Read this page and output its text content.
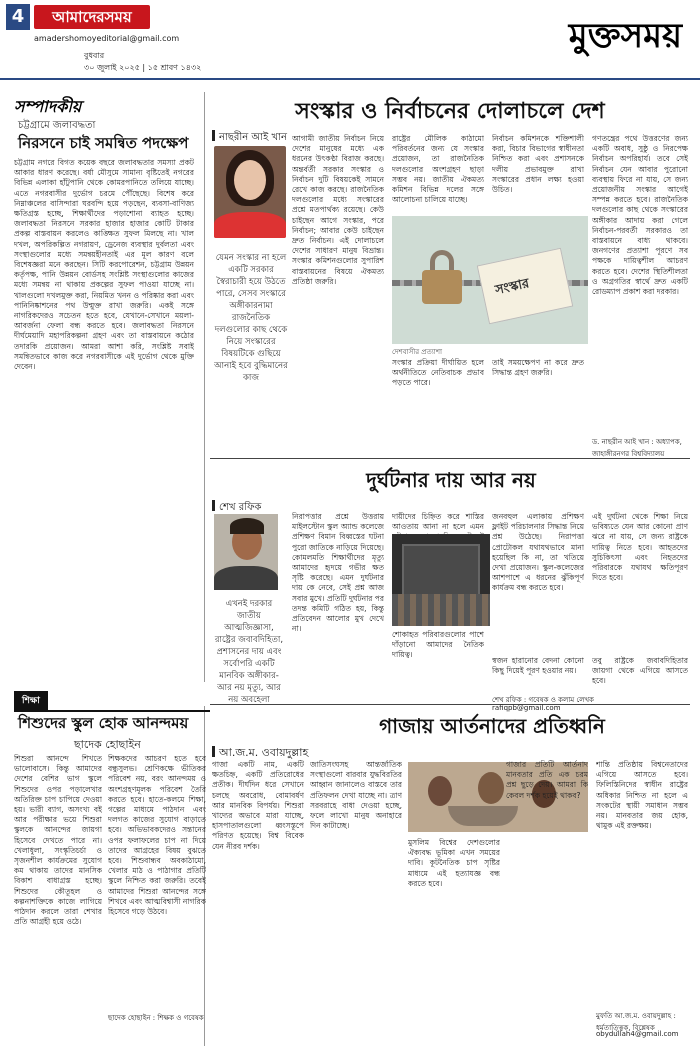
4	আমাদেরসময়
amadershomoyeditorial@gmail.com
বুধবার
৩০ জুলাই ২০২৫ | ১৫ শ্রাবণ ১৪৩২
মুক্তসময়
সম্পাদকীয়
চট্টগ্রামে জলাবদ্ধতা
নিরসনে চাই সমন্বিত পদক্ষেপ
চট্টগ্রাম নগরে বিগত কয়েক বছরে জলাবদ্ধতার সমস্যা প্রকট আকার ধারণ করেছে। বর্ষা মৌসুমে সামান্য বৃষ্টিতেই নগরের বিভিন্ন এলাকা হাঁটুপানি থেকে কোমরপানিতে তলিয়ে যাচ্ছে। এতে নগরবাসীর দুর্ভোগ চরমে পৌঁছেছে। বিশেষ করে নিম্নাঞ্চলের বাসিন্দারা ঘরবন্দি হয়ে পড়ছেন, ব্যবসা-বাণিজ্য ক্ষতিগ্রস্ত হচ্ছে, শিক্ষার্থীদের পড়াশোনা ব্যাহত হচ্ছে। জলাবদ্ধতা নিরসনে সরকার হাজার হাজার কোটি টাকার প্রকল্প বাস্তবায়ন করলেও কাঙ্ক্ষিত সুফল মিলছে না। খাল দখল, অপরিকল্পিত নগরায়ণ, ড্রেনেজ ব্যবস্থার দুর্বলতা এবং সংস্থাগুলোর মধ্যে সমন্বয়হীনতাই এর মূল কারণ বলে বিশেষজ্ঞরা মনে করছেন। সিটি করপোরেশন, চট্টগ্রাম উন্নয়ন কর্তৃপক্ষ, পানি উন্নয়ন বোর্ডসহ সংশ্লিষ্ট সংস্থাগুলোর কাজের মধ্যে সমন্বয় না থাকায় প্রকল্পের সুফল পাওয়া যাচ্ছে না। খালগুলো দখলমুক্ত করা, নিয়মিত খনন ও পরিষ্কার করা এবং পানিনিষ্কাশনের পথ উন্মুক্ত রাখা জরুরি। একই সঙ্গে নাগরিকদেরও সচেতন হতে হবে, যেখানে-সেখানে ময়লা-আবর্জনা ফেলা বন্ধ করতে হবে। জলাবদ্ধতা নিরসনে দীর্ঘমেয়াদি মহাপরিকল্পনা গ্রহণ এবং তা বাস্তবায়নে কঠোর তদারকি প্রয়োজন। আমরা আশা করি, সংশ্লিষ্ট সবাই সমন্বিতভাবে কাজ করে নগরবাসীকে এই দুর্ভোগ থেকে মুক্তি দেবেন।
সংস্কার ও নির্বাচনের দোলাচলে দেশ
নাছরীন আই খান
যেমন সংস্কার না হলে একটি সরকার স্বৈরাচারী হয়ে উঠতে পারে, সেসব সংস্কারে অঙ্গীকারনামা রাজনৈতিক দলগুলোর কাছ থেকে নিয়ে সংস্কারের বিষয়টিকে গুছিয়ে আনাই হবে বুদ্ধিমানের কাজ
আগামী জাতীয় নির্বাচন নিয়ে দেশের মানুষের মধ্যে এক ধরনের উৎকণ্ঠা বিরাজ করছে। অন্তর্বর্তী সরকার সংস্কার ও নির্বাচন দুটি বিষয়কেই সামনে রেখে কাজ করছে। রাজনৈতিক দলগুলোর মধ্যে সংস্কারের প্রশ্নে মতপার্থক্য রয়েছে। কেউ চাইছেন আগে সংস্কার, পরে নির্বাচন; আবার কেউ চাইছেন দ্রুত নির্বাচন। এই দোলাচলে দেশের সাধারণ মানুষ বিভ্রান্ত। সংস্কার কমিশনগুলোর সুপারিশ বাস্তবায়নের বিষয়ে ঐকমত্য প্রতিষ্ঠা জরুরি।
রাষ্ট্রের মৌলিক কাঠামো পরিবর্তনের জন্য যে সংস্কার প্রয়োজন, তা রাজনৈতিক দলগুলোর অংশগ্রহণ ছাড়া সম্ভব নয়। জাতীয় ঐকমত্য কমিশন বিভিন্ন দলের সঙ্গে আলোচনা চালিয়ে যাচ্ছে।
নির্বাচন কমিশনকে শক্তিশালী করা, বিচার বিভাগের স্বাধীনতা নিশ্চিত করা এবং প্রশাসনকে দলীয় প্রভাবমুক্ত রাখা সংস্কারের প্রধান লক্ষ্য হওয়া উচিত।
গণতন্ত্রের পথে উত্তরণের জন্য একটি অবাধ, সুষ্ঠু ও নিরপেক্ষ নির্বাচন অপরিহার্য। তবে সেই নির্বাচন যেন আবার পুরোনো ব্যবস্থায় ফিরে না যায়, সে জন্য প্রয়োজনীয় সংস্কার আগেই সম্পন্ন করতে হবে। রাজনৈতিক দলগুলোর কাছ থেকে সংস্কারের অঙ্গীকার আদায় করা গেলে নির্বাচন-পরবর্তী সরকারও তা বাস্তবায়নে বাধ্য থাকবে। জনগণের প্রত্যাশা পূরণে সব পক্ষকে দায়িত্বশীল আচরণ করতে হবে। দেশের স্থিতিশীলতা ও অগ্রগতির স্বার্থে দ্রুত একটি রোডম্যাপ প্রকাশ করা দরকার।
সংস্কার
দেশবাসীর প্রত্যাশা
সংস্কার প্রক্রিয়া দীর্ঘায়িত হলে অর্থনীতিতে নেতিবাচক প্রভাব পড়তে পারে।
তাই সময়ক্ষেপণ না করে দ্রুত সিদ্ধান্ত গ্রহণ জরুরি।
ড. নাছরীন আই খান : অধ্যাপক, জাহাঙ্গীরনগর বিশ্ববিদ্যালয়
দুর্ঘটনার দায় আর নয়
শেখ রফিক
এখনই দরকার জাতীয় আত্মজিজ্ঞাসা, রাষ্ট্রের জবাবদিহিতা, প্রশাসনের দায় এবং সর্বোপরি একটি মানবিক অঙ্গীকার- আর নয় মৃত্যু, আর নয় অবহেলা
নিরাপত্তার প্রশ্নে উত্তরায় মাইলস্টোন স্কুল অ্যান্ড কলেজে প্রশিক্ষণ বিমান বিধ্বস্তের ঘটনা পুরো জাতিকে নাড়িয়ে দিয়েছে। কোমলমতি শিক্ষার্থীদের মৃত্যু আমাদের হৃদয়ে গভীর ক্ষত সৃষ্টি করেছে। এমন দুর্ঘটনার দায় কে নেবে, সেই প্রশ্ন আজ সবার মুখে। প্রতিটি দুর্ঘটনার পর তদন্ত কমিটি গঠিত হয়, কিন্তু প্রতিবেদন আলোর মুখ দেখে না।
দায়ীদের চিহ্নিত করে শাস্তির আওতায় আনা না হলে এমন
জনবহুল এলাকায় প্রশিক্ষণ ফ্লাইট পরিচালনার সিদ্ধান্ত নিয়ে প্রশ্ন উঠেছে। নিরাপত্তা প্রোটোকল যথাযথভাবে মানা হয়েছিল কি না, তা খতিয়ে দেখা প্রয়োজন। স্কুল-কলেজের আশপাশে এ ধরনের ঝুঁকিপূর্ণ কার্যক্রম বন্ধ করতে হবে।
এই দুর্ঘটনা থেকে শিক্ষা নিয়ে ভবিষ্যতে যেন আর কোনো প্রাণ ঝরে না যায়, সে জন্য রাষ্ট্রকে দায়িত্ব নিতে হবে। আহতদের সুচিকিৎসা এবং নিহতদের পরিবারকে যথাযথ ক্ষতিপূরণ দিতে হবে।
শোকাহত পরিবারগুলোর পাশে দাঁড়ানো আমাদের নৈতিক দায়িত্ব।
স্বজন হারানোর বেদনা কোনো কিছু দিয়েই পূরণ হওয়ার নয়।
তবু রাষ্ট্রকে জবাবদিহিতার জায়গা থেকে এগিয়ে আসতে হবে।
শেখ রফিক : গবেষক ও কলাম লেখক
rafiqpb@gmail.com
শিক্ষা
শিশুদের স্কুল হোক আনন্দময়
ছাদেক হোছাইন
শিশুরা আনন্দে শিখতে ভালোবাসে। কিন্তু আমাদের দেশের বেশির ভাগ স্কুলে শিশুদের ওপর পড়ালেখার অতিরিক্ত চাপ চাপিয়ে দেওয়া হয়। ভারী ব্যাগ, অসংখ্য বই আর পরীক্ষার ভয়ে শিশুরা স্কুলকে আনন্দের জায়গা হিসেবে দেখতে পারে না। খেলাধুলা, সংস্কৃতিচর্চা ও সৃজনশীল কার্যক্রমের সুযোগ কম থাকায় তাদের মানসিক বিকাশ বাধাগ্রস্ত হচ্ছে। শিশুদের কৌতূহল ও কল্পনাশক্তিকে কাজে লাগিয়ে পাঠদান করলে তারা শেখার প্রতি আগ্রহী হয়ে ওঠে।
শিক্ষকদের আচরণ হতে হবে বন্ধুসুলভ। শ্রেণিকক্ষে ভীতিকর পরিবেশ নয়, বরং আনন্দময় ও অংশগ্রহণমূলক পরিবেশ তৈরি করতে হবে। হাতে-কলমে শিক্ষা, গল্পের মাধ্যমে পাঠদান এবং দলগত কাজের সুযোগ বাড়াতে হবে। অভিভাবকদেরও সন্তানের ওপর ফলাফলের চাপ না দিয়ে তাদের আগ্রহের বিষয় বুঝতে হবে। শিশুবান্ধব অবকাঠামো, খেলার মাঠ ও পাঠাগার প্রতিটি স্কুলে নিশ্চিত করা জরুরি। তবেই আমাদের শিশুরা আনন্দের সঙ্গে শিখবে এবং আত্মবিশ্বাসী নাগরিক হিসেবে গড়ে উঠবে।
ছাদেক হোছাইন : শিক্ষক ও গবেষক
গাজায় আর্তনাদের প্রতিধ্বনি
আ.জ.ম. ওবায়দুল্লাহ
গাজা একটি নাম, একটি ক্ষতচিহ্ন, একটি প্রতিরোধের প্রতীক। দীর্ঘদিন ধরে সেখানে চলছে অবরোধ, বোমাবর্ষণ আর মানবিক বিপর্যয়। শিশুরা খাদ্যের অভাবে মারা যাচ্ছে, হাসপাতালগুলো ধ্বংসস্তূপে পরিণত হয়েছে। বিশ্ব বিবেক যেন নীরব দর্শক।
জাতিসংঘসহ আন্তর্জাতিক সংস্থাগুলো বারবার যুদ্ধবিরতির আহ্বান জানালেও বাস্তবে তার প্রতিফলন দেখা যাচ্ছে না। ত্রাণ সরবরাহে বাধা দেওয়া হচ্ছে, ফলে লাখো মানুষ অনাহারে দিন কাটাচ্ছে।
মুসলিম বিশ্বের দেশগুলোর ঐক্যবদ্ধ ভূমিকা এখন সময়ের দাবি। কূটনৈতিক চাপ সৃষ্টির মাধ্যমে এই হত্যাযজ্ঞ বন্ধ করতে হবে।
গাজার প্রতিটি আর্তনাদ মানবতার প্রতি এক চরম প্রশ্ন ছুড়ে দেয়। আমরা কি কেবল দর্শক হয়েই থাকব?
শান্তি প্রতিষ্ঠায় বিশ্বনেতাদের এগিয়ে আসতে হবে। ফিলিস্তিনিদের স্বাধীন রাষ্ট্রের অধিকার নিশ্চিত না হলে এ সংকটের স্থায়ী সমাধান সম্ভব নয়। মানবতার জয় হোক, থামুক এই রক্তক্ষয়।
মুফতি আ.জ.ম. ওবায়দুল্লাহ : ধর্মতাত্ত্বিক, বিশ্লেষক
obydullah4@gmail.com
